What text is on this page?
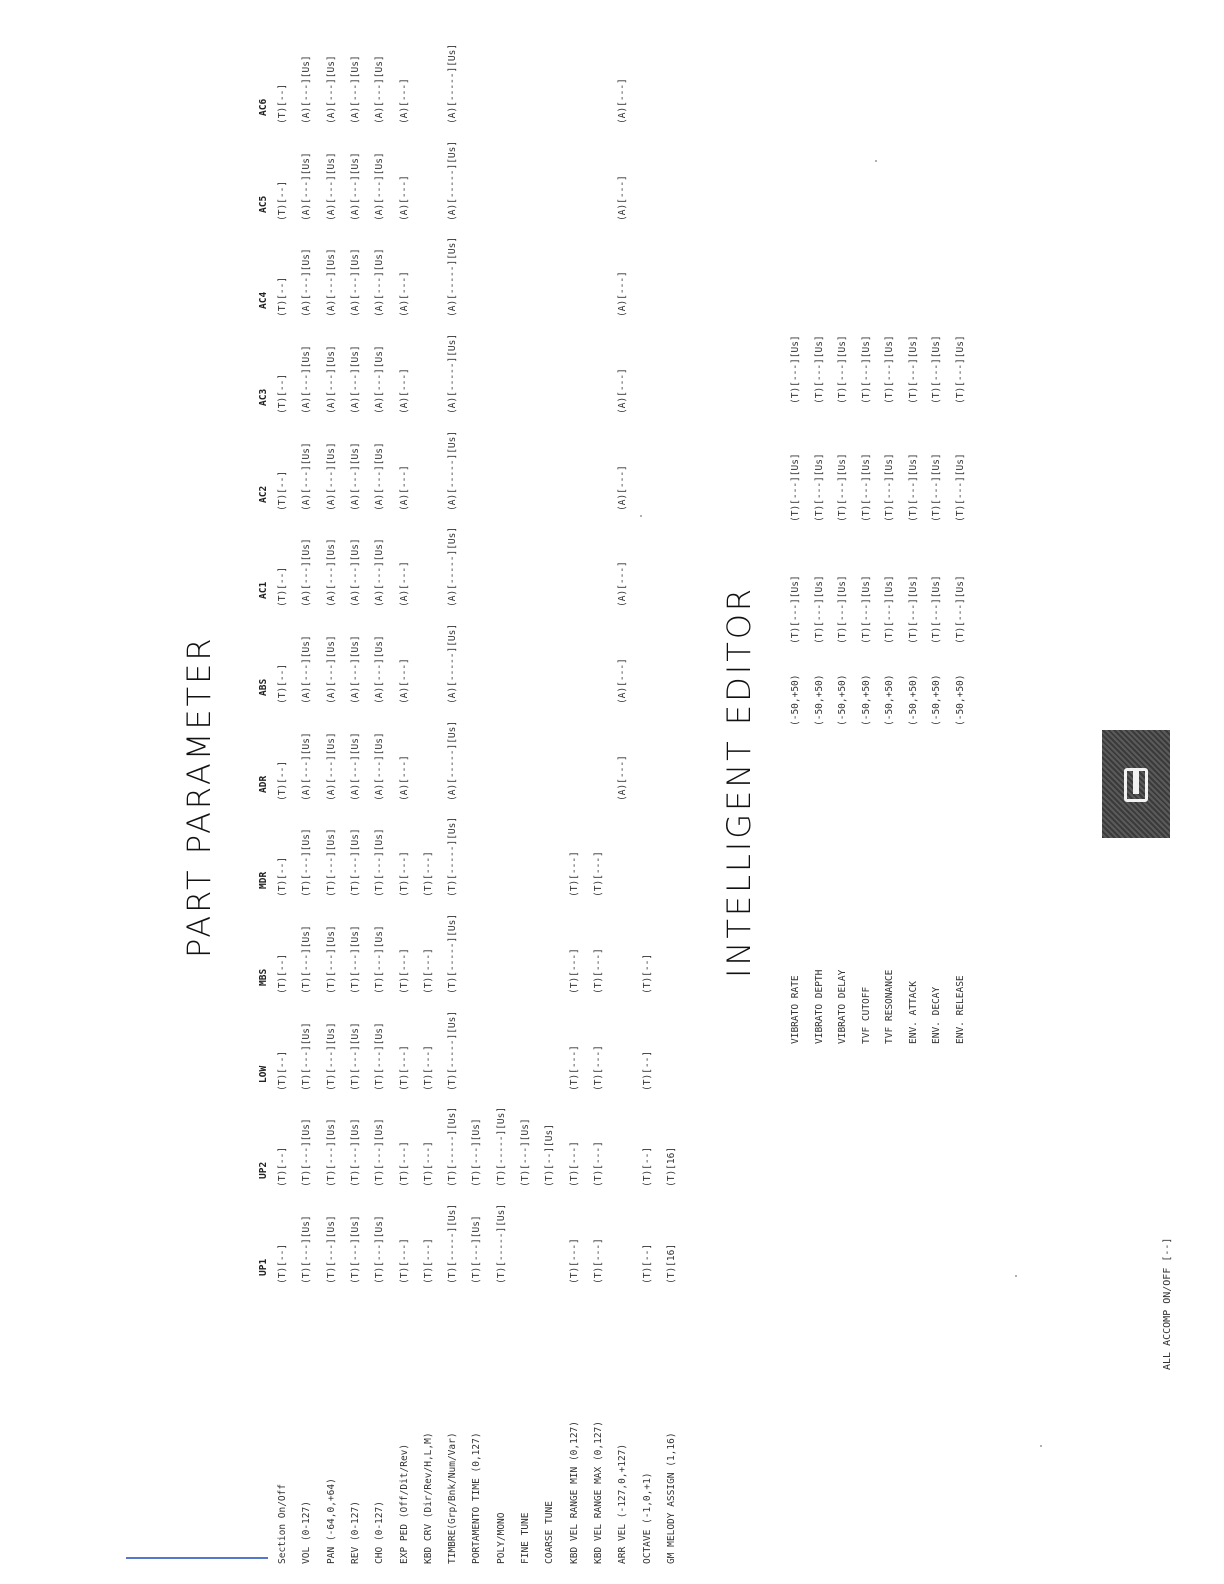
PART PARAMETER
ALL ACCOMP ON/OFF [--]
INTELLIGENT EDITOR
UP1
UP2
LOW
MBS
MDR
ADR
ABS
AC1
AC2
AC3
AC4
AC5
AC6
Section On/Off
(T)[--]
(T)[--]
(T)[--]
(T)[--]
(T)[--]
(T)[--]
(T)[--]
(T)[--]
(T)[--]
(T)[--]
(T)[--]
(T)[--]
(T)[--]
VOL (0-127)
(T)[---][Us]
(T)[---][Us]
(T)[---][Us]
(T)[---][Us]
(T)[---][Us]
(A)[---][Us]
(A)[---][Us]
(A)[---][Us]
(A)[---][Us]
(A)[---][Us]
(A)[---][Us]
(A)[---][Us]
(A)[---][Us]
PAN (-64,0,+64)
(T)[---][Us]
(T)[---][Us]
(T)[---][Us]
(T)[---][Us]
(T)[---][Us]
(A)[---][Us]
(A)[---][Us]
(A)[---][Us]
(A)[---][Us]
(A)[---][Us]
(A)[---][Us]
(A)[---][Us]
(A)[---][Us]
REV (0-127)
(T)[---][Us]
(T)[---][Us]
(T)[---][Us]
(T)[---][Us]
(T)[---][Us]
(A)[---][Us]
(A)[---][Us]
(A)[---][Us]
(A)[---][Us]
(A)[---][Us]
(A)[---][Us]
(A)[---][Us]
(A)[---][Us]
CHO (0-127)
(T)[---][Us]
(T)[---][Us]
(T)[---][Us]
(T)[---][Us]
(T)[---][Us]
(A)[---][Us]
(A)[---][Us]
(A)[---][Us]
(A)[---][Us]
(A)[---][Us]
(A)[---][Us]
(A)[---][Us]
(A)[---][Us]
EXP PED (Off/Dit/Rev)
(T)[---]
(T)[---]
(T)[---]
(T)[---]
(T)[---]
(A)[---]
(A)[---]
(A)[---]
(A)[---]
(A)[---]
(A)[---]
(A)[---]
(A)[---]
KBD CRV (Dir/Rev/H,L,M)
(T)[---]
(T)[---]
(T)[---]
(T)[---]
(T)[---]
TIMBRE(Grp/Bnk/Num/Var)
(T)[-----][Us]
(T)[-----][Us]
(T)[-----][Us]
(T)[-----][Us]
(T)[-----][Us]
(A)[-----][Us]
(A)[-----][Us]
(A)[-----][Us]
(A)[-----][Us]
(A)[-----][Us]
(A)[-----][Us]
(A)[-----][Us]
(A)[-----][Us]
PORTAMENTO TIME (0,127)
(T)[---][Us]
(T)[---][Us]
POLY/MONO
(T)[-----][Us]
(T)[-----][Us]
FINE TUNE
(T)[---][Us]
COARSE TUNE
(T)[--][Us]
KBD VEL RANGE MIN (0,127)
(T)[---]
(T)[---]
(T)[---]
(T)[---]
(T)[---]
KBD VEL RANGE MAX (0,127)
(T)[---]
(T)[---]
(T)[---]
(T)[---]
(T)[---]
ARR VEL (-127,0,+127)
(A)[---]
(A)[---]
(A)[---]
(A)[---]
(A)[---]
(A)[---]
(A)[---]
(A)[---]
OCTAVE (-1,0,+1)
(T)[--]
(T)[--]
(T)[--]
(T)[--]
GM MELODY ASSIGN (1,16)
(T)[16]
(T)[16]
VIBRATO RATE
(-50,+50)
(T)[---][Us]
(T)[---][Us]
(T)[---][Us]
VIBRATO DEPTH
(-50,+50)
(T)[---][Us]
(T)[---][Us]
(T)[---][Us]
VIBRATO DELAY
(-50,+50)
(T)[---][Us]
(T)[---][Us]
(T)[---][Us]
TVF CUTOFF
(-50,+50)
(T)[---][Us]
(T)[---][Us]
(T)[---][Us]
TVF RESONANCE
(-50,+50)
(T)[---][Us]
(T)[---][Us]
(T)[---][Us]
ENV. ATTACK
(-50,+50)
(T)[---][Us]
(T)[---][Us]
(T)[---][Us]
ENV. DECAY
(-50,+50)
(T)[---][Us]
(T)[---][Us]
(T)[---][Us]
ENV. RELEASE
(-50,+50)
(T)[---][Us]
(T)[---][Us]
(T)[---][Us]
